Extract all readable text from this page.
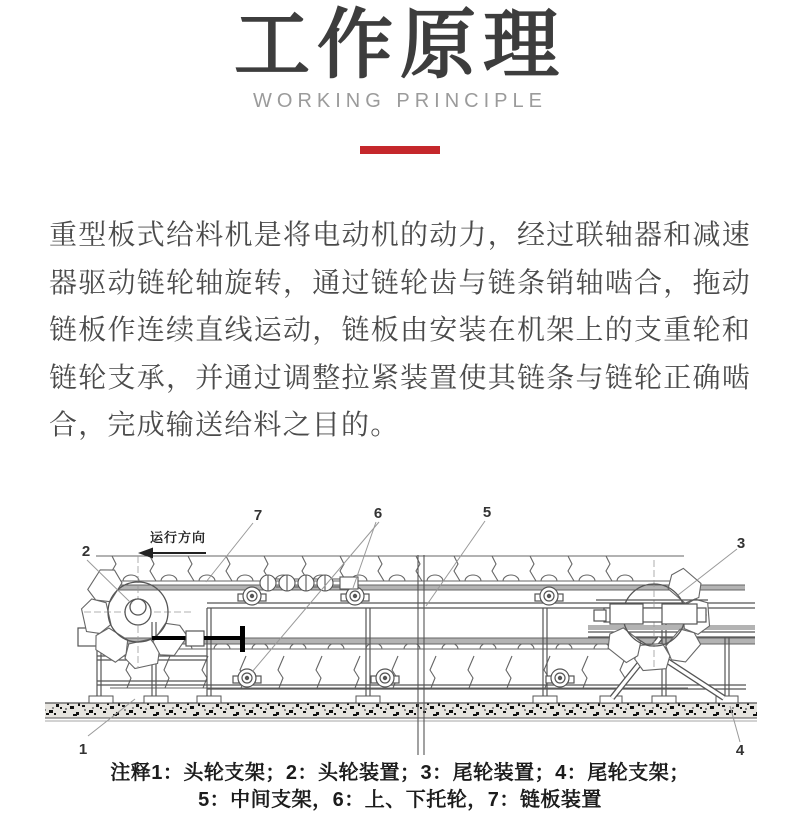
工作原理
WORKING PRINCIPLE
重型板式给料机是将电动机的动力，经过联轴器和减速器驱动链轮轴旋转，通过链轮齿与链条销轴啮合，拖动链板作连续直线运动，链板由安装在机架上的支重轮和链轮支承，并通过调整拉紧装置使其链条与链轮正确啮合，完成输送给料之目的。
2
7	6	5
3
1	4
运行方向
注释1：头轮支架；2：头轮装置；3：尾轮装置；4：尾轮支架；
5：中间支架，6：上、下托轮，7：链板装置
